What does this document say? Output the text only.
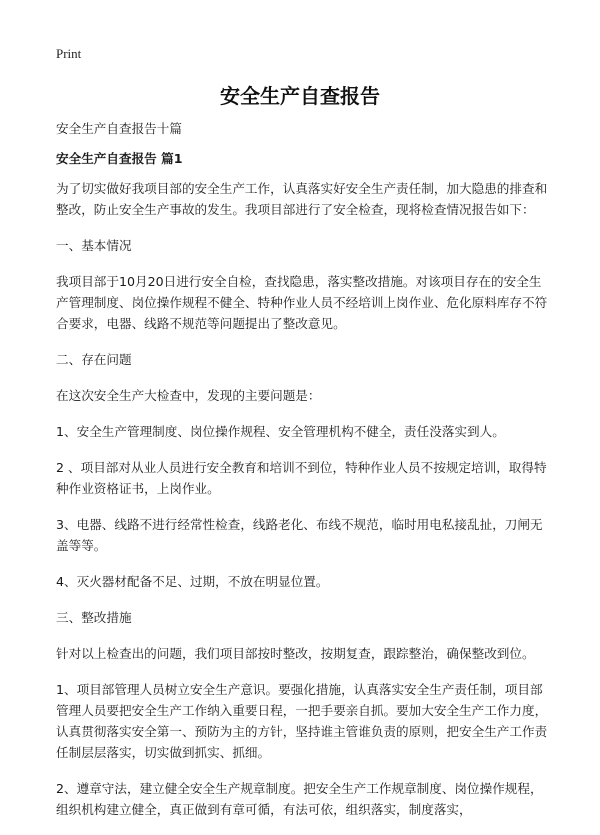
Print
安全生产自查报告

安全生产自查报告十篇

安全生产自查报告 篇1

为了切实做好我项目部的安全生产工作，认真落实好安全生产责任制，加大隐患的排查和整改，防止安全生产事故的发生。我项目部进行了安全检查，现将检查情况报告如下：

一、基本情况

我项目部于10月20日进行安全自检，查找隐患，落实整改措施。对该项目存在的安全生产管理制度、岗位操作规程不健全、特种作业人员不经培训上岗作业、危化原料库存不符合要求，电器、线路不规范等问题提出了整改意见。

二、存在问题

在这次安全生产大检查中，发现的主要问题是：

1、安全生产管理制度、岗位操作规程、安全管理机构不健全，责任没落实到人。

2 、项目部对从业人员进行安全教育和培训不到位，特种作业人员不按规定培训，取得特种作业资格证书，上岗作业。

3、电器、线路不进行经常性检查，线路老化、布线不规范，临时用电私接乱扯，刀闸无盖等等。

4、灭火器材配备不足、过期，不放在明显位置。

三、整改措施

针对以上检查出的问题，我们项目部按时整改，按期复查，跟踪整治，确保整改到位。

1、项目部管理人员树立安全生产意识。要强化措施，认真落实安全生产责任制，项目部管理人员要把安全生产工作纳入重要日程，一把手要亲自抓。要加大安全生产工作力度，认真贯彻落实安全第一、预防为主的方针，坚持谁主管谁负责的原则，把安全生产工作责任制层层落实，切实做到抓实、抓细。

2、遵章守法，建立健全安全生产规章制度。把安全生产工作规章制度、岗位操作规程，组织机构建立健全，真正做到有章可循，有法可依，组织落实，制度落实，
